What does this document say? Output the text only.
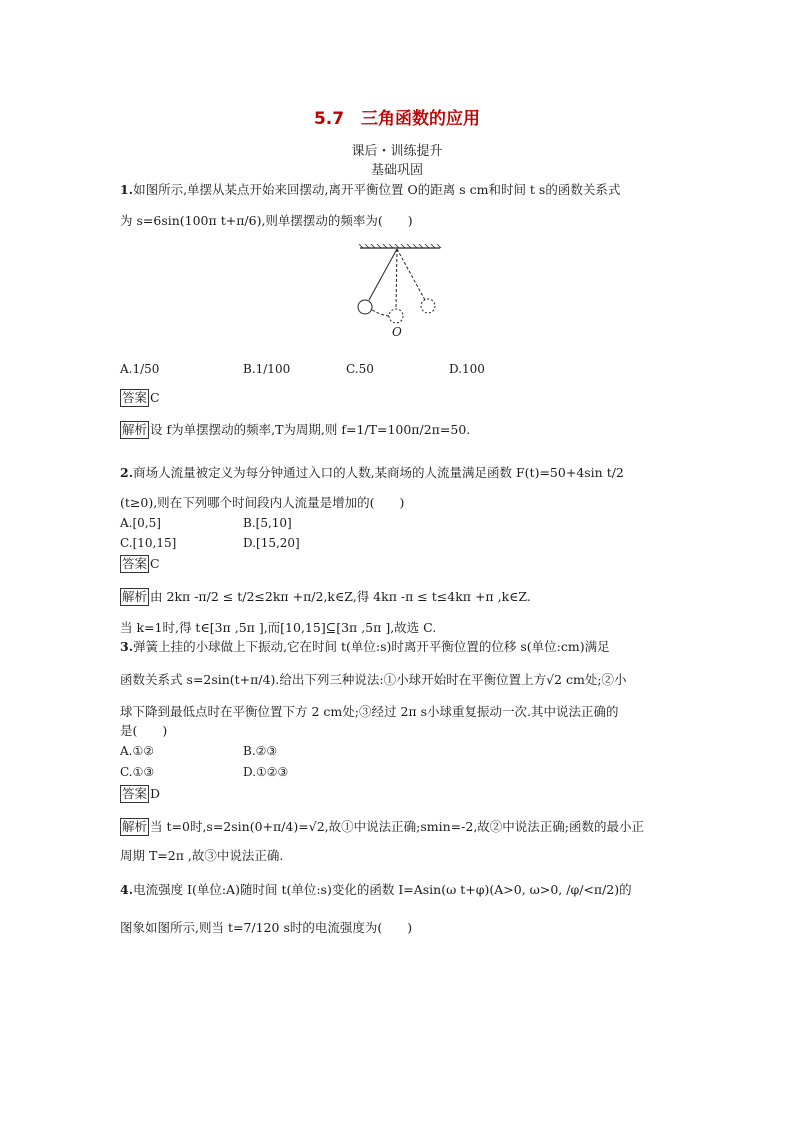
5.7　三角函数的应用
课后・训练提升
基础巩固
1.如图所示,单摆从某点开始来回摆动,离开平衡位置 O的距离 s cm和时间 t s的函数关系式
为 s=6sin(100π t+π/6),则单摆摆动的频率为(　　)
O
A.1/50	B.1/100	C.50	D.100
答案 C
解析 设 f为单摆摆动的频率,T为周期,则 f=1/T=100π/2π=50.
2.商场人流量被定义为每分钟通过入口的人数,某商场的人流量满足函数 F(t)=50+4sin t/2
(t≥0),则在下列哪个时间段内人流量是增加的(　　)
A.[0,5]	B.[5,10]
C.[10,15]	D.[15,20]
答案 C
解析 由 2kπ -π/2 ≤ t/2≤2kπ +π/2,k∈Z,得 4kπ -π ≤ t≤4kπ +π ,k∈Z.
当 k=1时,得 t∈[3π ,5π ],而[10,15]⊆[3π ,5π ],故选 C.
3.弹簧上挂的小球做上下振动,它在时间 t(单位:s)时离开平衡位置的位移 s(单位:cm)满足
函数关系式 s=2sin(t+π/4).给出下列三种说法:①小球开始时在平衡位置上方√2 cm处;②小
球下降到最低点时在平衡位置下方 2 cm处;③经过 2π s小球重复振动一次.其中说法正确的
是(　　)
A.①②	B.②③
C.①③	D.①②③
答案 D
解析 当 t=0时,s=2sin(0+π/4)=√2,故①中说法正确;smin=-2,故②中说法正确;函数的最小正
周期 T=2π ,故③中说法正确.
4.电流强度 I(单位:A)随时间 t(单位:s)变化的函数 I=Asin(ω t+φ)(A>0, ω>0, /φ/<π/2)的
图象如图所示,则当 t=7/120 s时的电流强度为(　　)
